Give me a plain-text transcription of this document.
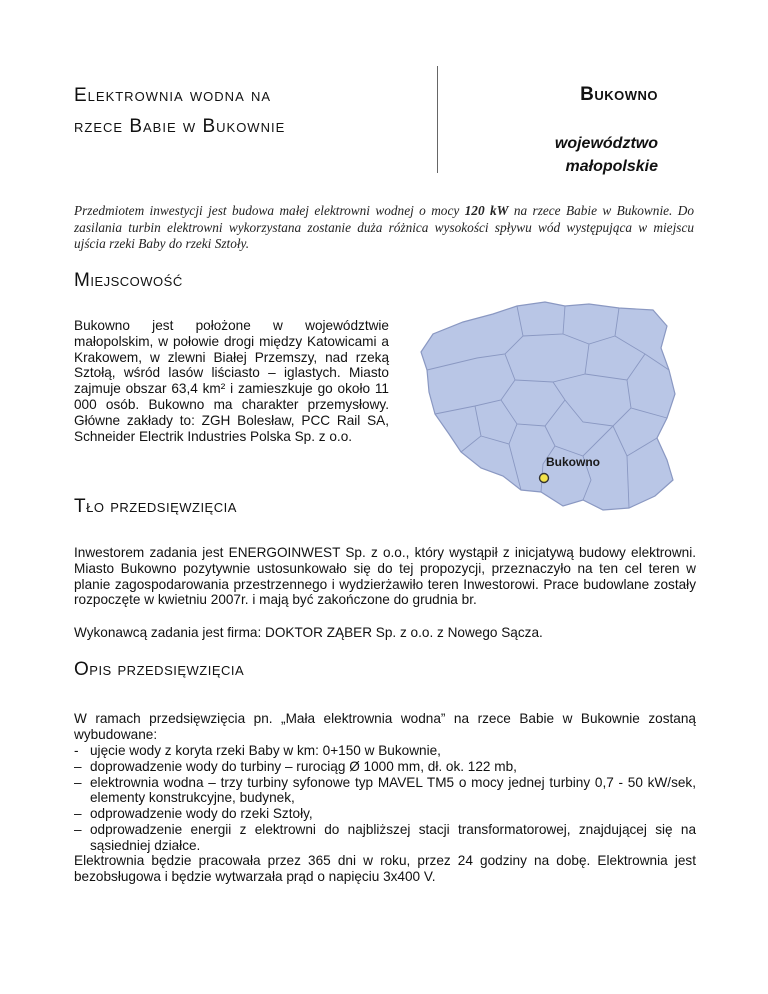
Elektrownia wodna na
rzece Babie w Bukownie
Bukowno
województwo
małopolskie

Przedmiotem inwestycji jest budowa małej elektrowni wodnej o mocy 120 kW na rzece Babie w Bukownie. Do zasilania turbin elektrowni wykorzystana zostanie duża różnica wysokości spływu wód występująca w miejscu ujścia rzeki Baby do rzeki Sztoły.

Miejscowość

Bukowno jest położone w województwie małopolskim, w połowie drogi między Katowicami a Krakowem, w zlewni Białej Przemszy, nad rzeką Sztołą, wśród lasów liściasto – iglastych. Miasto zajmuje obszar 63,4 km² i zamieszkuje go około 11 000 osób. Bukowno ma charakter przemysłowy. Główne zakłady to: ZGH Bolesław, PCC Rail SA, Schneider Electrik Industries Polska Sp. z o.o.

Bukowno
Tło przedsięwzięcia

Inwestorem zadania jest ENERGOINWEST Sp. z o.o., który wystąpił z inicjatywą budowy elektrowni. Miasto Bukowno pozytywnie ustosunkowało się do tej propozycji, przeznaczyło na ten cel teren w planie zagospodarowania przestrzennego i wydzierżawiło teren Inwestorowi. Prace budowlane zostały rozpoczęte w kwietniu 2007r. i mają być zakończone do grudnia br.

Wykonawcą zadania jest firma: DOKTOR ZĄBER Sp. z o.o. z Nowego Sącza.

Opis przedsięwzięcia

W ramach przedsięwzięcia pn. „Mała elektrownia wodna” na rzece Babie w Bukownie zostaną wybudowane:

- ujęcie wody z koryta rzeki Baby w km: 0+150 w Bukownie,
– doprowadzenie wody do turbiny – rurociąg Ø 1000 mm, dł. ok. 122 mb,
– elektrownia wodna – trzy turbiny syfonowe typ MAVEL TM5 o mocy jednej turbiny 0,7 - 50 kW/sek, elementy konstrukcyjne, budynek,
– odprowadzenie wody do rzeki Sztoły,
– odprowadzenie energii z elektrowni do najbliższej stacji transformatorowej, znajdującej się na sąsiedniej działce.

Elektrownia będzie pracowała przez 365 dni w roku, przez 24 godziny na dobę. Elektrownia jest bezobsługowa i będzie wytwarzała prąd o napięciu 3x400 V.
